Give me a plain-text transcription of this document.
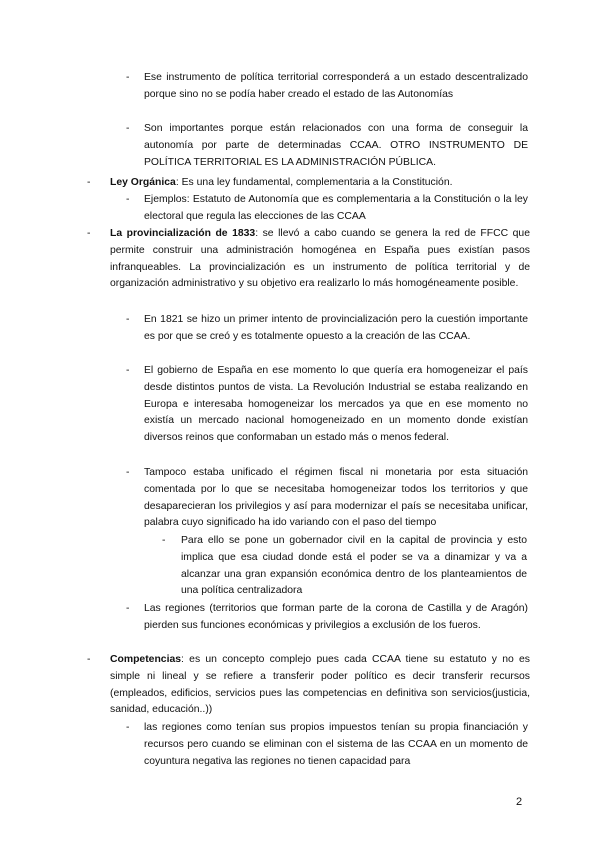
- Ese instrumento de política territorial corresponderá a un estado descentralizado porque sino no se podía haber creado el estado de las Autonomías
- Son importantes porque están relacionados con una forma de conseguir la autonomía por parte de determinadas CCAA. OTRO INSTRUMENTO DE POLÍTICA TERRITORIAL ES LA ADMINISTRACIÓN PÚBLICA.
- Ley Orgánica: Es una ley fundamental, complementaria a la Constitución.
- Ejemplos: Estatuto de Autonomía que es complementaria a la Constitución o la ley electoral que regula las elecciones de las CCAA
- La provincialización de 1833: se llevó a cabo cuando se genera la red de FFCC que permite construir una administración homogénea en España pues existían pasos infranqueables. La provincialización es un instrumento de política territorial y de organización administrativo y su objetivo era realizarlo lo más homogéneamente posible.
- En 1821 se hizo un primer intento de provincialización pero la cuestión importante es por que se creó y es totalmente opuesto a la creación de las CCAA.
- El gobierno de España en ese momento lo que quería era homogeneizar el país desde distintos puntos de vista. La Revolución Industrial se estaba realizando en Europa e interesaba homogeneizar los mercados ya que en ese momento no existía un mercado nacional homogeneizado en un momento donde existían diversos reinos que conformaban un estado más o menos federal.
- Tampoco estaba unificado el régimen fiscal ni monetaria por esta situación comentada por lo que se necesitaba homogeneizar todos los territorios y que desaparecieran los privilegios y así para modernizar el país se necesitaba unificar, palabra cuyo significado ha ido variando con el paso del tiempo
- Para ello se pone un gobernador civil en la capital de provincia y esto implica que esa ciudad donde está el poder se va a dinamizar y va a alcanzar una gran expansión económica dentro de los planteamientos de una política centralizadora
- Las regiones (territorios que forman parte de la corona de Castilla y de Aragón) pierden sus funciones económicas y privilegios a exclusión de los fueros.
- Competencias: es un concepto complejo pues cada CCAA tiene su estatuto y no es simple ni lineal y se refiere a transferir poder político es decir transferir recursos (empleados, edificios, servicios pues las competencias en definitiva son servicios(justicia, sanidad, educación..))
- las regiones como tenían sus propios impuestos tenían su propia financiación y recursos pero cuando se eliminan con el sistema de las CCAA en un momento de coyuntura negativa las regiones no tienen capacidad para
2
